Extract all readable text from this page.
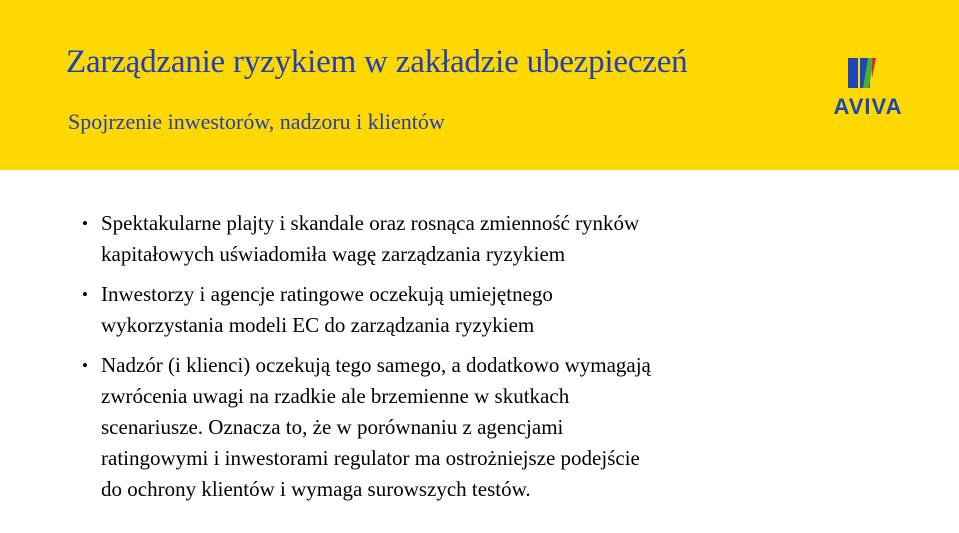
Zarządzanie ryzykiem w zakładzie ubezpieczeń
Spojrzenie inwestorów, nadzoru i klientów
AVIVA
• Spektakularne plajty i skandale oraz rosnąca zmienność rynków
kapitałowych uświadomiła wagę zarządzania ryzykiem
• Inwestorzy i agencje ratingowe oczekują umiejętnego
wykorzystania modeli EC do zarządzania ryzykiem
• Nadzór (i klienci) oczekują tego samego, a dodatkowo wymagają
zwrócenia uwagi na rzadkie ale brzemienne w skutkach
scenariusze. Oznacza to, że w porównaniu z agencjami
ratingowymi i inwestorami regulator ma ostrożniejsze podejście
do ochrony klientów i wymaga surowszych testów.
